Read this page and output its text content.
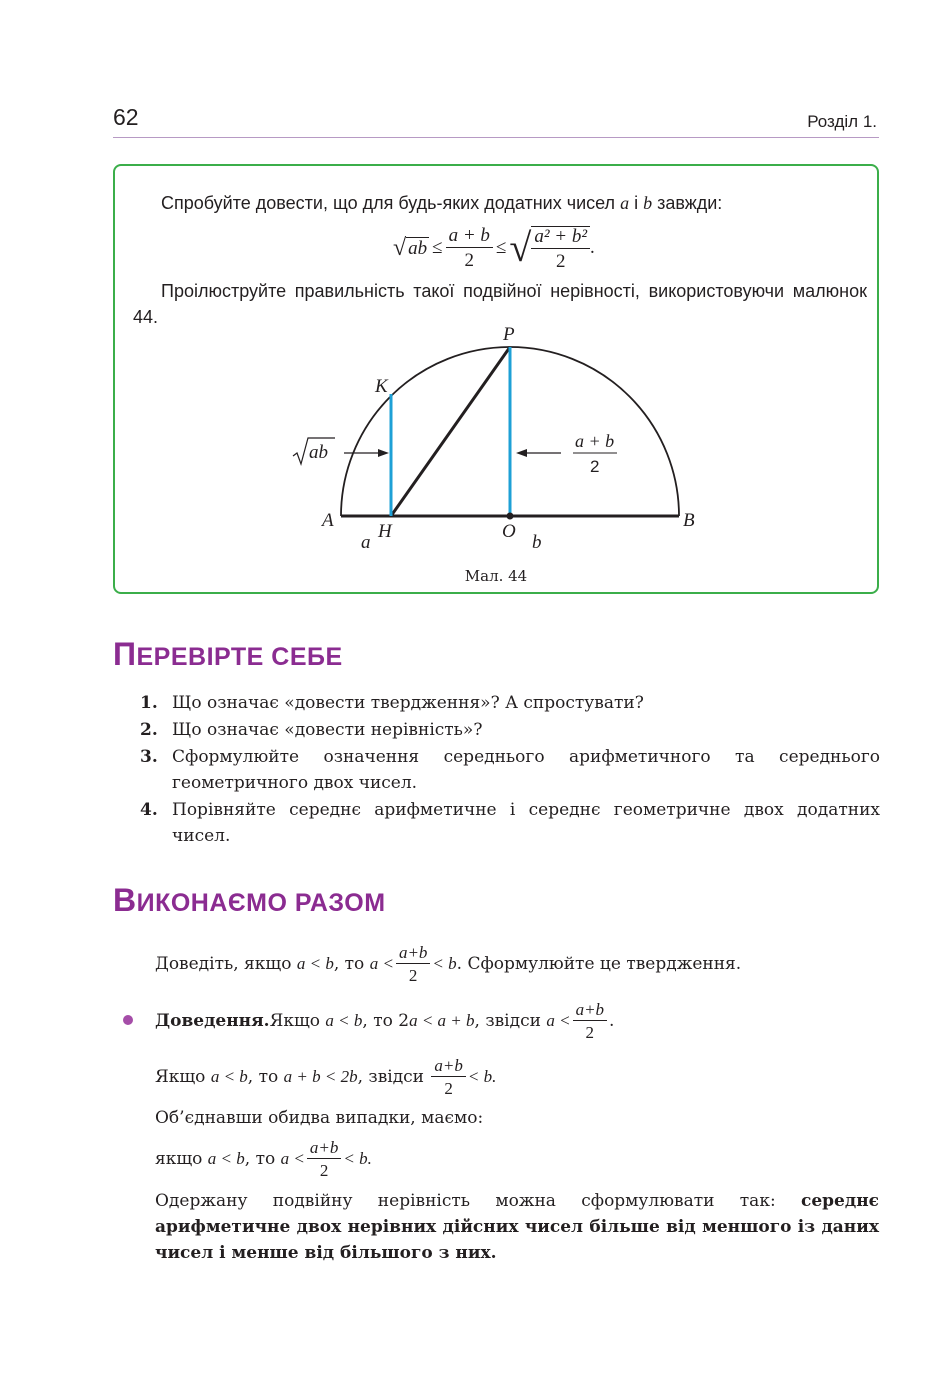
62	Розділ 1.
Спробуйте довести, що для будь-яких додатних чисел a і b завжди:
√ ab ≤ $\frac{a + b}{2}$ ≤ √ $\frac{\text{a² + b²}}{2}$ .
Проілюструйте правильність такої подвійної нерівності, використовуючи малюнок 44.
P
K
A
H	O
B
a	b
ab
a + b
2
Мал. 44
ПЕРЕВІРТЕ СЕБЕ
1. Що означає «довести твердження»? А спростувати?
2. Що означає «довести нерівність»?
3. Сформулюйте означення середнього арифметичного та середнього геометричного двох чисел.
4. Порівняйте середнє арифметичне і середнє геометричне двох додатних чисел.
ВИКОНАЄМО РАЗОМ
Доведіть, якщо
a < b , то
$a < \frac{a+b}{2} < b$ . Сформулюйте це твердження.
Доведення. Якщо
a < b , то 2 a < a + b , звідси
$a < \frac{a+b}{2}$ .
Якщо
a < b , то
a + b < 2b , звідси
$\frac{a+b}{2} < b$.
Об’єднавши обидва випадки, маємо:
якщо
a < b , то
$a < \frac{a+b}{2} < b$.
Одержану подвійну нерівність можна сформулювати так: середнє арифметичне двох нерівних дійсних чисел більше від меншого із даних чисел і менше від більшого з них.
